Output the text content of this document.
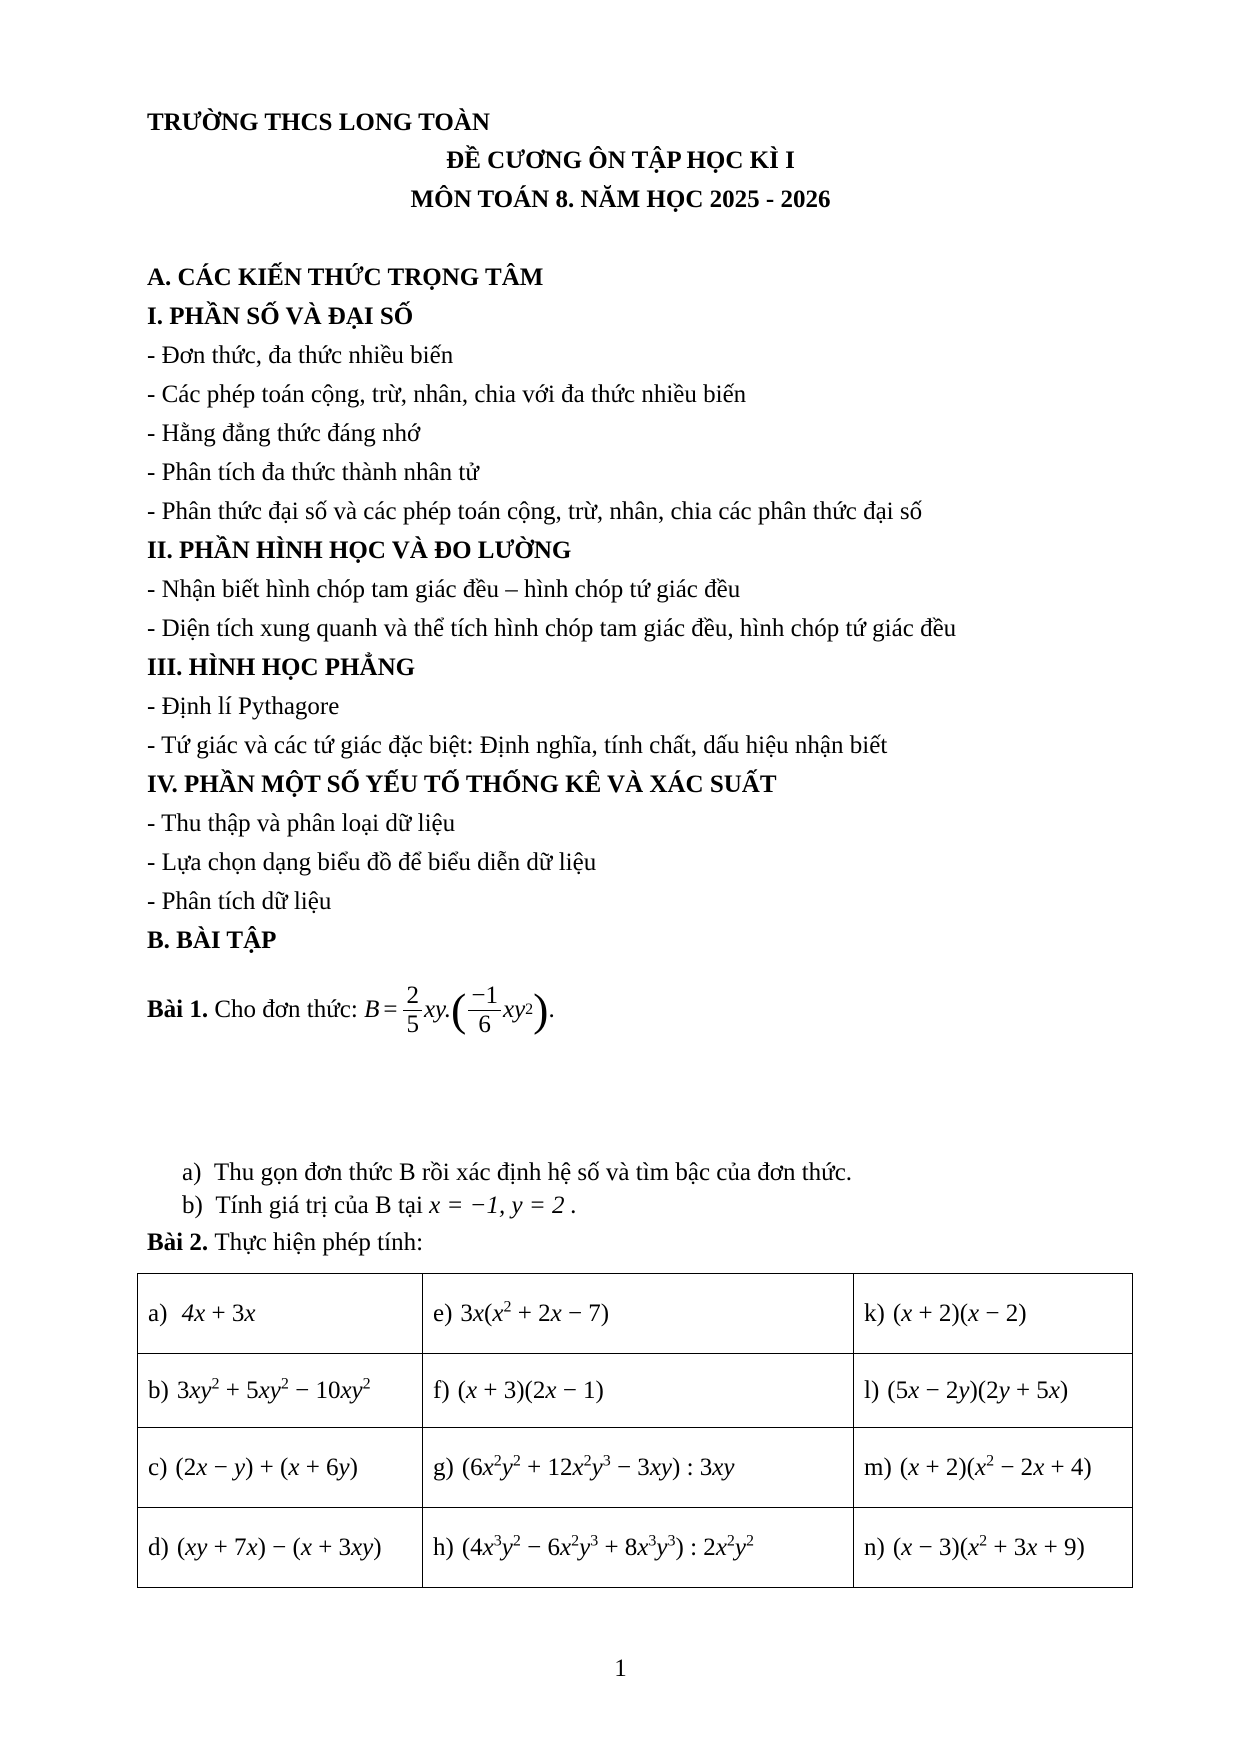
TRƯỜNG THCS LONG TOÀN
ĐỀ CƯƠNG ÔN TẬP HỌC KÌ I
MÔN TOÁN 8. NĂM HỌC 2025 - 2026
A. CÁC KIẾN THỨC TRỌNG TÂM
I. PHẦN SỐ VÀ ĐẠI SỐ
- Đơn thức, đa thức nhiều biến
- Các phép toán cộng, trừ, nhân, chia với đa thức nhiều biến
- Hằng đẳng thức đáng nhớ
- Phân tích đa thức thành nhân tử
- Phân thức đại số và các phép toán cộng, trừ, nhân, chia các phân thức đại số
II. PHẦN HÌNH HỌC VÀ ĐO LƯỜNG
- Nhận biết hình chóp tam giác đều – hình chóp tứ giác đều
- Diện tích xung quanh và thể tích hình chóp tam giác đều, hình chóp tứ giác đều
III. HÌNH HỌC PHẲNG
- Định lí Pythagore
- Tứ giác và các tứ giác đặc biệt: Định nghĩa, tính chất, dấu hiệu nhận biết
IV. PHẦN MỘT SỐ YẾU TỐ THỐNG KÊ VÀ XÁC SUẤT
- Thu thập và phân loại dữ liệu
- Lựa chọn dạng biểu đồ để biểu diễn dữ liệu
- Phân tích dữ liệu
B. BÀI TẬP
Bài 1.
Cho đơn thức:
$B = \frac{2}{5}$ xy. ( $\frac{-1}{6}$ xy 2 ) .
a) Thu gọn đơn thức B rồi xác định hệ số và tìm bậc của đơn thức.
b) Tính giá trị của B tại x = −1, y = 2 .
Bài 2. Thực hiện phép tính:
a) 4x + 3x	e) $3x(x^2 + 2x - 7)$	k) (x + 2)(x − 2)
b) $3xy^2 + 5xy^2 - 10xy^2$	f) (x + 3)(2x − 1)	l) (5x − 2y)(2y + 5x)
c) (2x − y) + (x + 6y)	g) $(6x^2y^2 + 12x^2y^3 - 3xy)$ : 3xy	m) $(x + 2)(x^2 - 2x + 4)$
d) (xy + 7x) − (x + 3xy)	h) $(4x^3y^2 - 6x^2y^3 + 8x^3y^3)$ : $2x^2y^2$	n) $(x - 3)(x^2 + 3x + 9)$
1
